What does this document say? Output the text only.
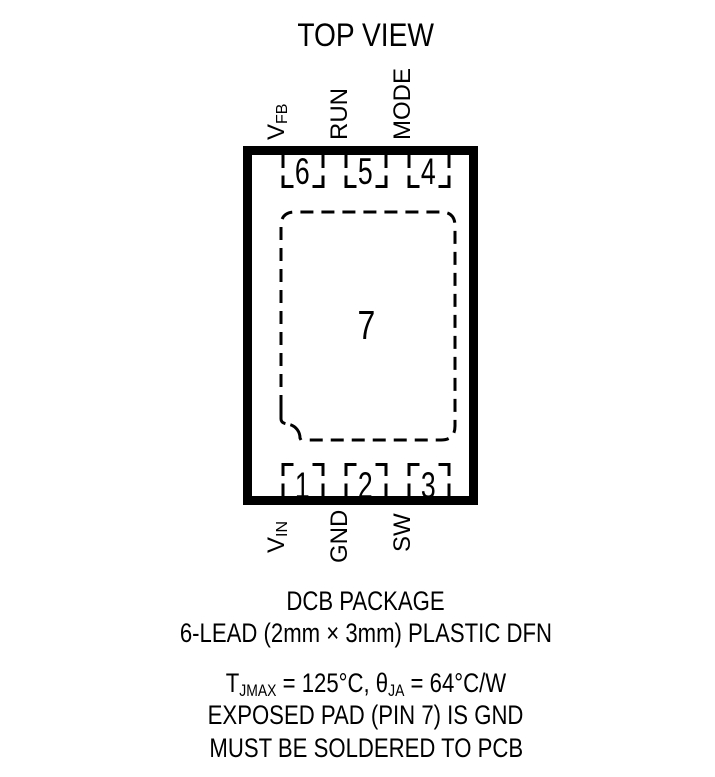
TOP VIEW
VFB RUN MODE
6 5 4
7
1 2 3
VIN GND SW
DCB PACKAGE
6-LEAD (2mm × 3mm) PLASTIC DFN
$T_{JMAX} = 125^\circ C$, $\theta_{JA} = 64^\circ C/W$
EXPOSED PAD (PIN 7) IS GND
MUST BE SOLDERED TO PCB
